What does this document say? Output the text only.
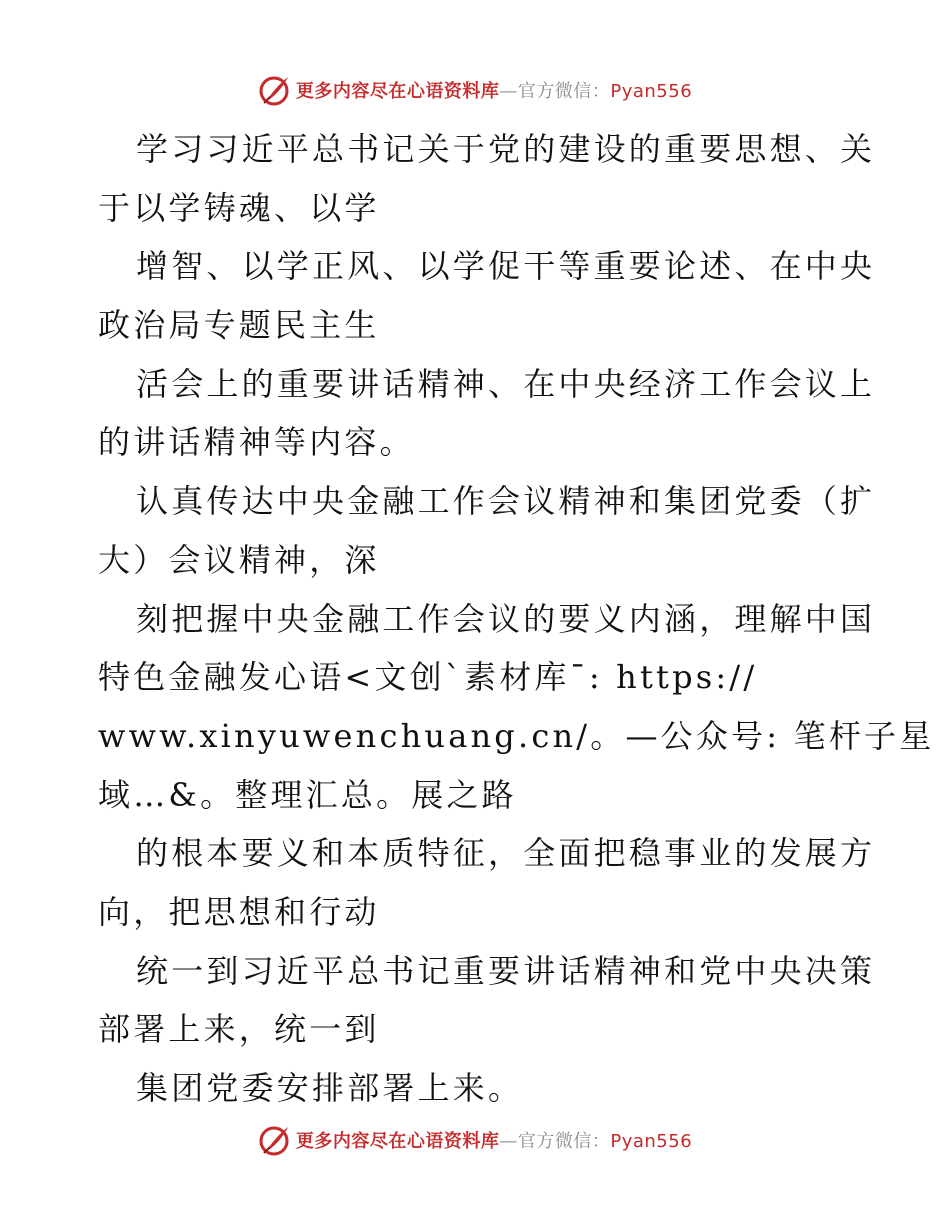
更多内容尽在心语资料库—官方微信：Pyan556
学习习近平总书记关于党的建设的重要思想、关
于以学铸魂、以学
增智、以学正风、以学促干等重要论述、在中央
政治局专题民主生
活会上的重要讲话精神、在中央经济工作会议上
的讲话精神等内容。
认真传达中央金融工作会议精神和集团党委（扩
大）会议精神，深
刻把握中央金融工作会议的要义内涵，理解中国
特色金融发心语<文创`素材库¯: https://
www.xinyuwenchuang.cn/。—公众号: 笔杆子星
域…&。整理汇总。展之路
的根本要义和本质特征，全面把稳事业的发展方
向，把思想和行动
统一到习近平总书记重要讲话精神和党中央决策
部署上来，统一到
集团党委安排部署上来。
更多内容尽在心语资料库—官方微信：Pyan556
